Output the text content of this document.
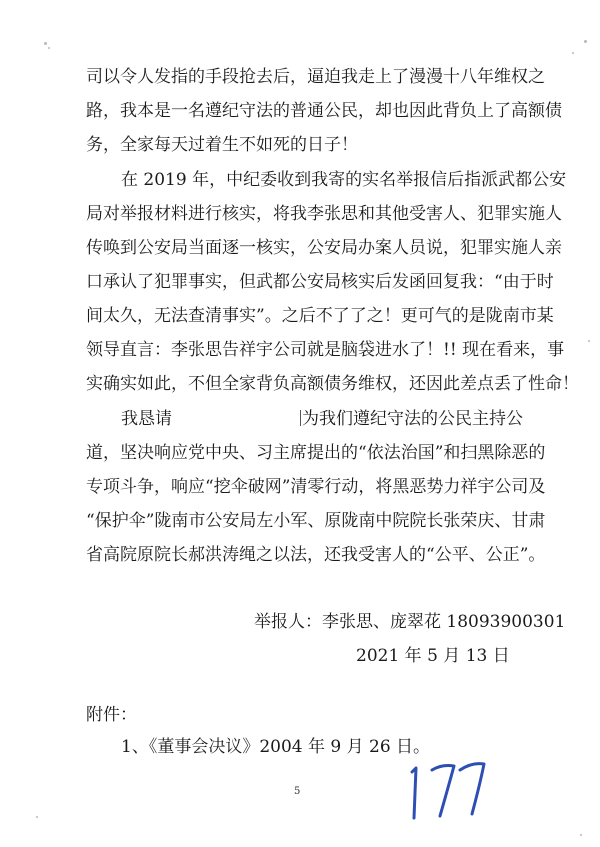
司以令人发指的手段抢去后，逼迫我走上了漫漫十八年维权之
路，我本是一名遵纪守法的普通公民，却也因此背负上了高额债
务，全家每天过着生不如死的日子！
在 2019 年，中纪委收到我寄的实名举报信后指派武都公安
局对举报材料进行核实，将我李张思和其他受害人、犯罪实施人
传唤到公安局当面逐一核实，公安局办案人员说，犯罪实施人亲
口承认了犯罪事实，但武都公安局核实后发函回复我：“由于时
间太久，无法查清事实”。之后不了了之！更可气的是陇南市某
领导直言：李张思告祥宇公司就是脑袋进水了！!! 现在看来，事
实确实如此，不但全家背负高额债务维权，还因此差点丢了性命！
我恳请	为我们遵纪守法的公民主持公
道，坚决响应党中央、习主席提出的“依法治国”和扫黑除恶的
专项斗争，响应“挖伞破网”清零行动，将黑恶势力祥宇公司及
“保护伞”陇南市公安局左小军、原陇南中院院长张荣庆、甘肃
省高院原院长郝洪涛绳之以法，还我受害人的“公平、公正”。
举报人：李张思、庞翠花 18093900301
2021 年 5 月 13 日
附件：
1、《董事会决议》2004 年 9 月 26 日。
5
